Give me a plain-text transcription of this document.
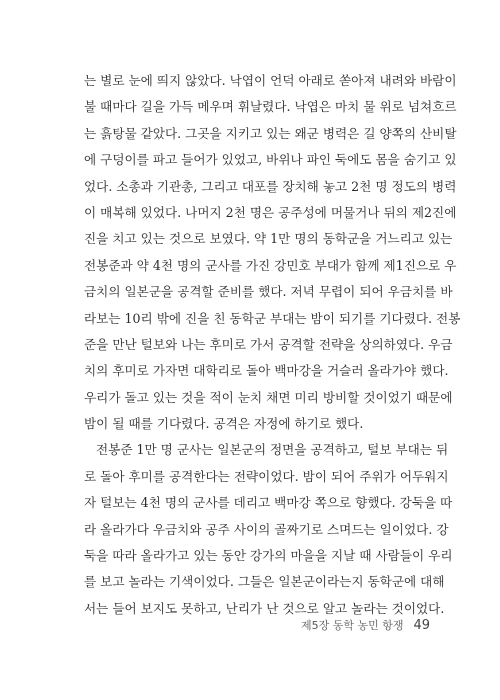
는 별로 눈에 띄지 않았다. 낙엽이 언덕 아래로 쏟아져 내려와 바람이
불 때마다 길을 가득 메우며 휘날렸다. 낙엽은 마치 물 위로 넘쳐흐르
는 흙탕물 같았다. 그곳을 지키고 있는 왜군 병력은 길 양쪽의 산비탈
에 구덩이를 파고 들어가 있었고, 바위나 파인 둑에도 몸을 숨기고 있
었다. 소총과 기관총, 그리고 대포를 장치해 놓고 2천 명 정도의 병력
이 매복해 있었다. 나머지 2천 명은 공주성에 머물거나 뒤의 제2진에
진을 치고 있는 것으로 보였다. 약 1만 명의 동학군을 거느리고 있는
전봉준과 약 4천 명의 군사를 가진 강민호 부대가 함께 제1진으로 우
금치의 일본군을 공격할 준비를 했다. 저녁 무렵이 되어 우금치를 바
라보는 10리 밖에 진을 친 동학군 부대는 밤이 되기를 기다렸다. 전봉
준을 만난 털보와 나는 후미로 가서 공격할 전략을 상의하였다. 우금
치의 후미로 가자면 대학리로 돌아 백마강을 거슬러 올라가야 했다.
우리가 돌고 있는 것을 적이 눈치 채면 미리 방비할 것이었기 때문에
밤이 될 때를 기다렸다. 공격은 자정에 하기로 했다.
전봉준 1만 명 군사는 일본군의 정면을 공격하고, 털보 부대는 뒤
로 돌아 후미를 공격한다는 전략이었다. 밤이 되어 주위가 어두워지
자 털보는 4천 명의 군사를 데리고 백마강 쪽으로 향했다. 강둑을 따
라 올라가다 우금치와 공주 사이의 골짜기로 스며드는 일이었다. 강
둑을 따라 올라가고 있는 동안 강가의 마을을 지날 때 사람들이 우리
를 보고 놀라는 기색이었다. 그들은 일본군이라는지 동학군에 대해
서는 들어 보지도 못하고, 난리가 난 것으로 알고 놀라는 것이었다.
제5장 동학 농민 항쟁 49
